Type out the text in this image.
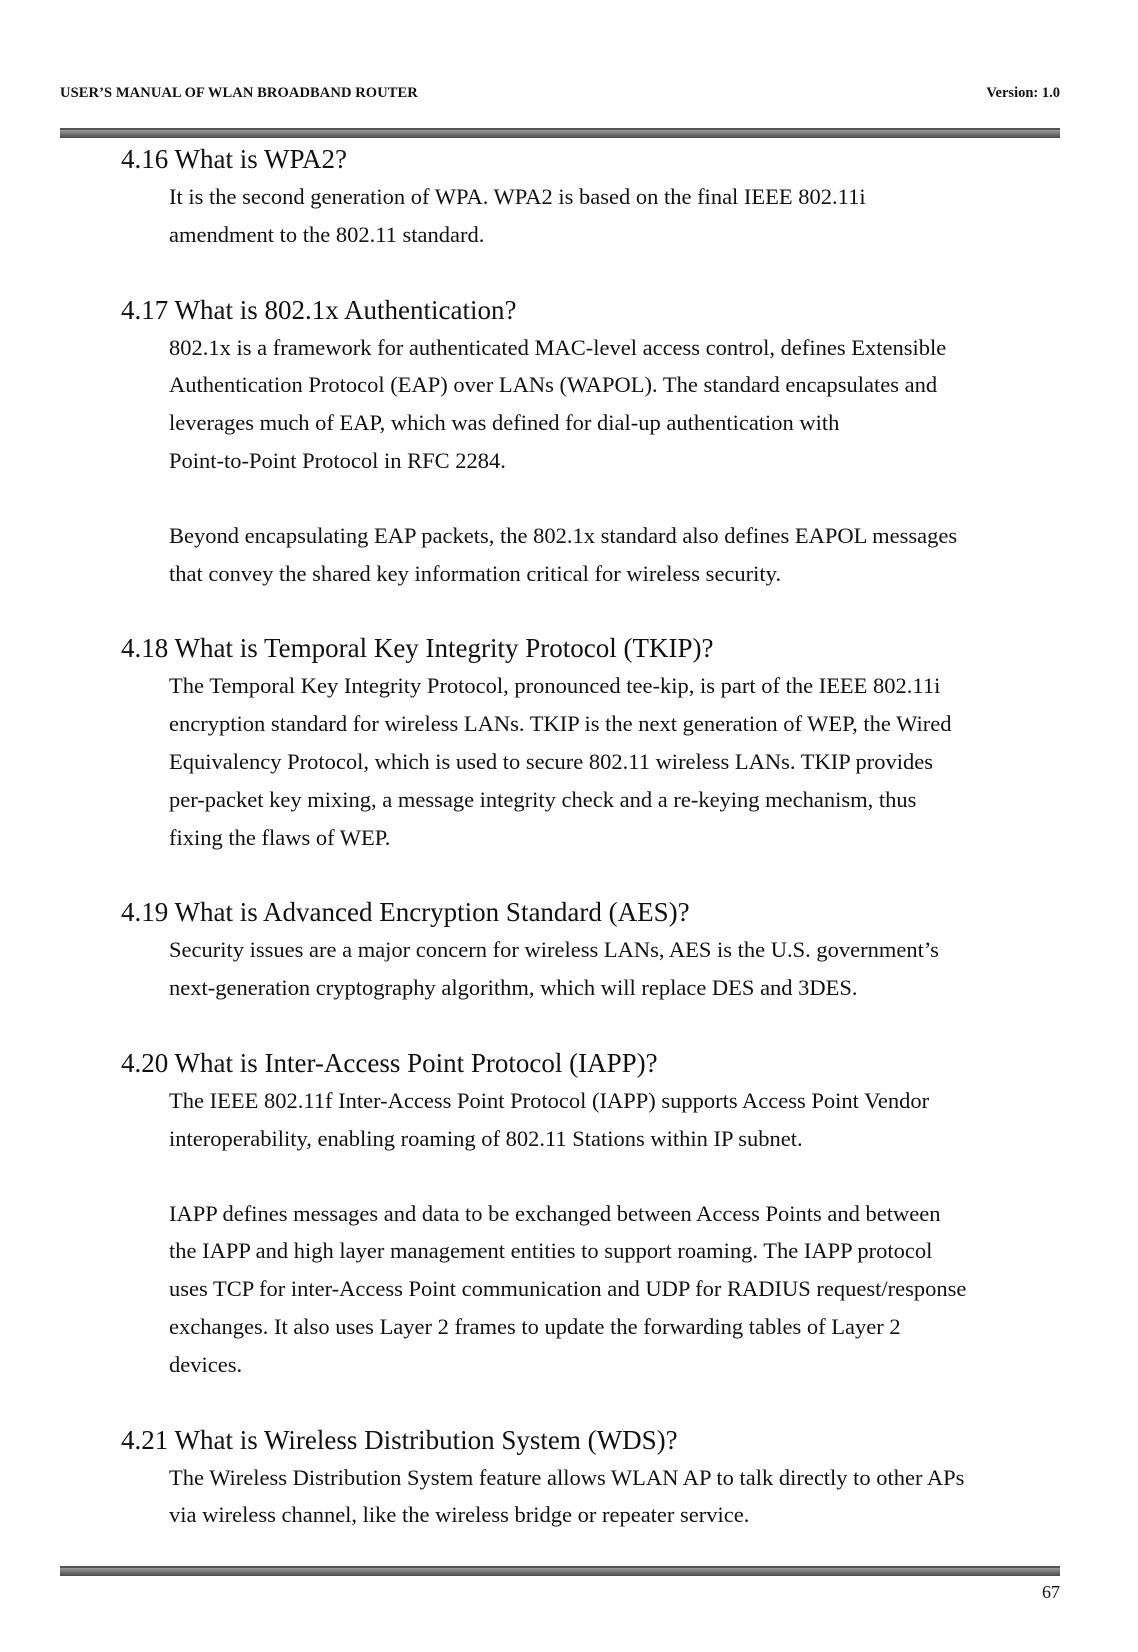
USER’S MANUAL OF WLAN BROADBAND ROUTER	Version: 1.0
4.16 What is WPA2?

It is the second generation of WPA. WPA2 is based on the final IEEE 802.11i
amendment to the 802.11 standard.

4.17 What is 802.1x Authentication?

802.1x is a framework for authenticated MAC-level access control, defines Extensible
Authentication Protocol (EAP) over LANs (WAPOL). The standard encapsulates and
leverages much of EAP, which was defined for dial-up authentication with
Point-to-Point Protocol in RFC 2284.

Beyond encapsulating EAP packets, the 802.1x standard also defines EAPOL messages
that convey the shared key information critical for wireless security.

4.18 What is Temporal Key Integrity Protocol (TKIP)?

The Temporal Key Integrity Protocol, pronounced tee-kip, is part of the IEEE 802.11i
encryption standard for wireless LANs. TKIP is the next generation of WEP, the Wired
Equivalency Protocol, which is used to secure 802.11 wireless LANs. TKIP provides
per-packet key mixing, a message integrity check and a re-keying mechanism, thus
fixing the flaws of WEP.

4.19 What is Advanced Encryption Standard (AES)?

Security issues are a major concern for wireless LANs, AES is the U.S. government’s
next-generation cryptography algorithm, which will replace DES and 3DES.

4.20 What is Inter-Access Point Protocol (IAPP)?

The IEEE 802.11f Inter-Access Point Protocol (IAPP) supports Access Point Vendor
interoperability, enabling roaming of 802.11 Stations within IP subnet.

IAPP defines messages and data to be exchanged between Access Points and between
the IAPP and high layer management entities to support roaming. The IAPP protocol
uses TCP for inter-Access Point communication and UDP for RADIUS request/response
exchanges. It also uses Layer 2 frames to update the forwarding tables of Layer 2
devices.

4.21 What is Wireless Distribution System (WDS)?

The Wireless Distribution System feature allows WLAN AP to talk directly to other APs
via wireless channel, like the wireless bridge or repeater service.

67
